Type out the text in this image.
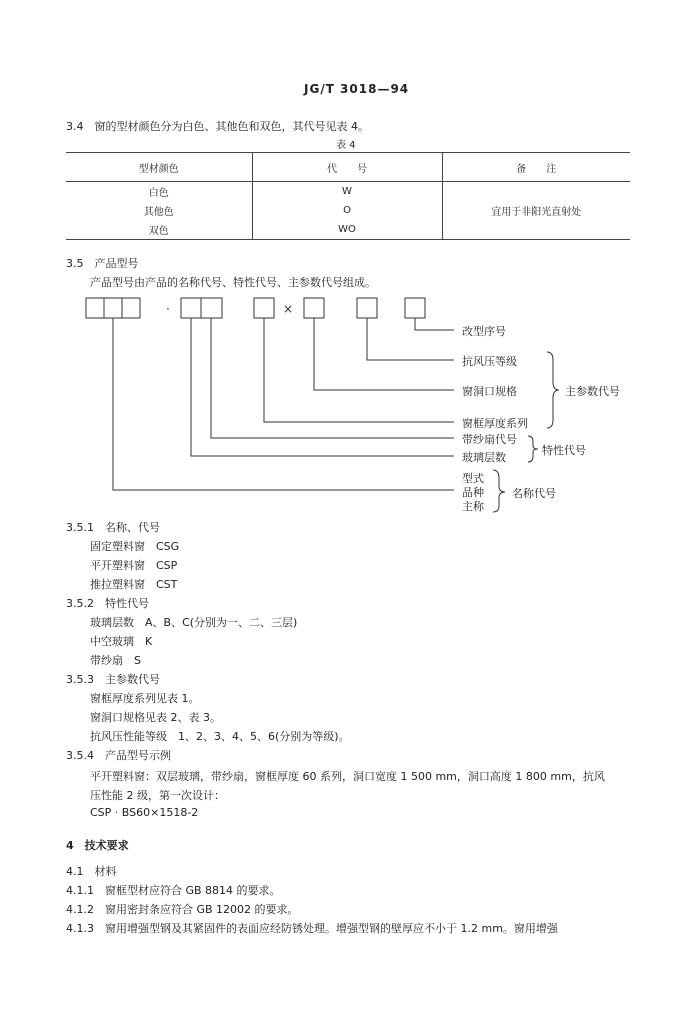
JG/T 3018—94
3.4　窗的型材颜色分为白色、其他色和双色，其代号见表 4。
表 4
型材颜色	代　　号	备　　注
白色	W	
其他色	O	宜用于非阳光直射处
双色	WO	
3.5　产品型号
产品型号由产品的名称代号、特性代号、主参数代号组成。
·	×
改型序号
抗风压等级
窗洞口规格
窗框厚度系列
带纱扇代号
玻璃层数
型式
品种
主称
主参数代号
特性代号
名称代号
3.5.1　名称、代号
固定塑料窗　CSG
平开塑料窗　CSP
推拉塑料窗　CST
3.5.2　特性代号
玻璃层数　A、B、C(分别为一、二、三层)
中空玻璃　K
带纱扇　S
3.5.3　主参数代号
窗框厚度系列见表 1。
窗洞口规格见表 2、表 3。
抗风压性能等级　1、2、3、4、5、6(分别为等级)。
3.5.4　产品型号示例
平开塑料窗：双层玻璃，带纱扇，窗框厚度 60 系列，洞口宽度 1 500 mm，洞口高度 1 800 mm，抗风
压性能 2 级，第一次设计：
CSP · BS60×1518-2
4　技术要求
4.1　材料
4.1.1　窗框型材应符合 GB 8814 的要求。
4.1.2　窗用密封条应符合 GB 12002 的要求。
4.1.3　窗用增强型钢及其紧固件的表面应经防锈处理。增强型钢的壁厚应不小于 1.2 mm。窗用增强
